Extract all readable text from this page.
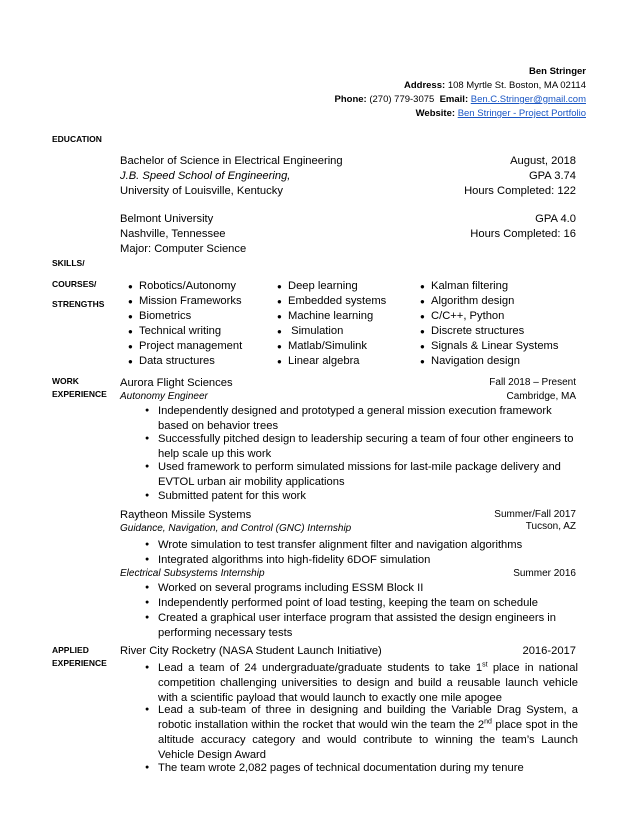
Ben Stringer
Address: 108 Myrtle St. Boston, MA 02114
Phone: (270) 779-3075 Email: Ben.C.Stringer@gmail.com
Website: Ben Stringer - Project Portfolio
EDUCATION
SKILLS/
COURSES/
STRENGTHS
WORK
EXPERIENCE
APPLIED
EXPERIENCE
Bachelor of Science in Electrical Engineering
J.B. Speed School of Engineering,
University of Louisville, Kentucky
August, 2018
GPA 3.74
Hours Completed: 122
Belmont University
Nashville, Tennessee
Major: Computer Science
GPA 4.0
Hours Completed: 16
● Robotics/Autonomy
● Mission Frameworks
● Biometrics
● Technical writing
● Project management
● Data structures
● Deep learning
● Embedded systems
● Machine learning
●  Simulation
● Matlab/Simulink
● Linear algebra
● Kalman filtering
● Algorithm design
● C/C++, Python
● Discrete structures
● Signals & Linear Systems
● Navigation design
Aurora Flight Sciences
Autonomy Engineer
Fall 2018 – Present
Cambridge, MA
● Independently designed and prototyped a general mission execution framework based on behavior trees
● Successfully pitched design to leadership securing a team of four other engineers to help scale up this work
● Used framework to perform simulated missions for last-mile package delivery and EVTOL urban air mobility applications
● Submitted patent for this work
Raytheon Missile Systems
Guidance, Navigation, and Control (GNC) Internship
Summer/Fall 2017
Tucson, AZ
● Wrote simulation to test transfer alignment filter and navigation algorithms
● Integrated algorithms into high-fidelity 6DOF simulation
Electrical Subsystems Internship	Summer 2016
● Worked on several programs including ESSM Block II
● Independently performed point of load testing, keeping the team on schedule
● Created a graphical user interface program that assisted the design engineers in performing necessary tests
River City Rocketry (NASA Student Launch Initiative)	2016-2017
● Lead a team of 24 undergraduate/graduate students to take 1st place in national competition challenging universities to design and build a reusable launch vehicle with a scientific payload that would launch to exactly one mile apogee
● Lead a sub-team of three in designing and building the Variable Drag System, a robotic installation within the rocket that would win the team the 2nd place spot in the altitude accuracy category and would contribute to winning the team’s Launch Vehicle Design Award
● The team wrote 2,082 pages of technical documentation during my tenure
